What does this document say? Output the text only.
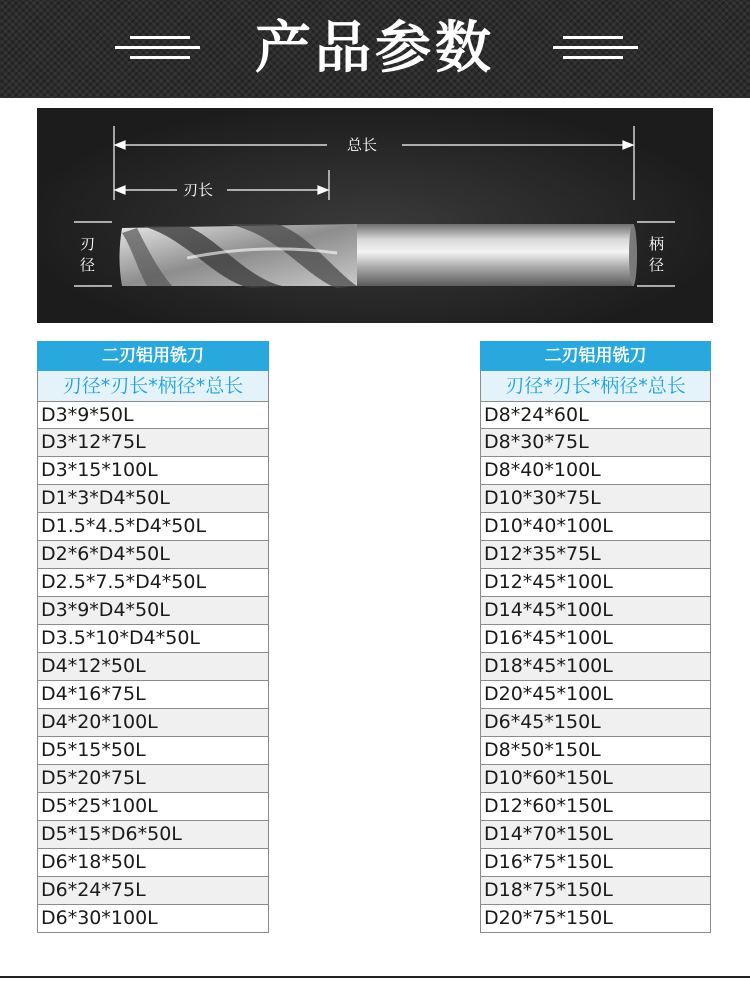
产品参数
总长
刃长
刃
径
柄
径
二刃铝用铣刀
刃径*刃长*柄径*总长
D3*9*50L
D3*12*75L
D3*15*100L
D1*3*D4*50L
D1.5*4.5*D4*50L
D2*6*D4*50L
D2.5*7.5*D4*50L
D3*9*D4*50L
D3.5*10*D4*50L
D4*12*50L
D4*16*75L
D4*20*100L
D5*15*50L
D5*20*75L
D5*25*100L
D5*15*D6*50L
D6*18*50L
D6*24*75L
D6*30*100L
二刃铝用铣刀
刃径*刃长*柄径*总长
D8*24*60L
D8*30*75L
D8*40*100L
D10*30*75L
D10*40*100L
D12*35*75L
D12*45*100L
D14*45*100L
D16*45*100L
D18*45*100L
D20*45*100L
D6*45*150L
D8*50*150L
D10*60*150L
D12*60*150L
D14*70*150L
D16*75*150L
D18*75*150L
D20*75*150L
